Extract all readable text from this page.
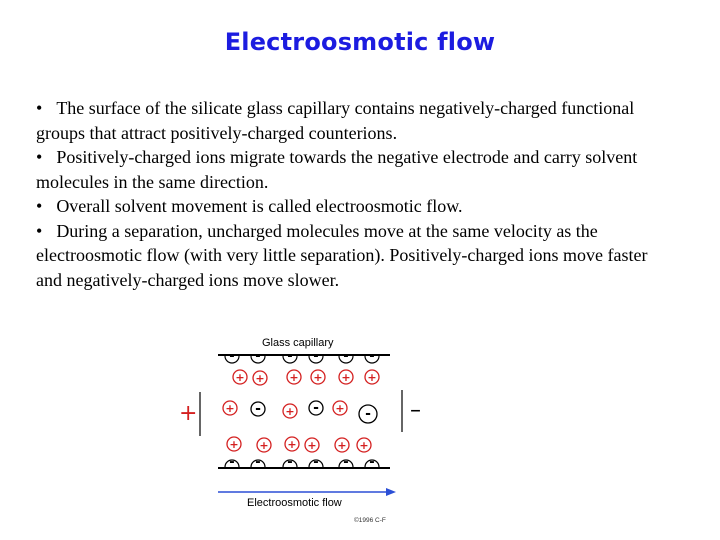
Electroosmotic flow

• The surface of the silicate glass capillary contains negatively-charged functional groups that attract positively-charged counterions.

• Positively-charged ions migrate towards the negative electrode and carry solvent molecules in the same direction.

• Overall solvent movement is called electroosmotic flow.

• During a separation, uncharged molecules move at the same velocity as the electroosmotic flow (with very little separation). Positively-charged ions move faster and negatively-charged ions move slower.

Glass capillary
+	–
- - - - - -
- - - - - -
+ + + + + +
+ + + + + +
+ - + - + -
Electroosmotic flow
©1996 C-F
